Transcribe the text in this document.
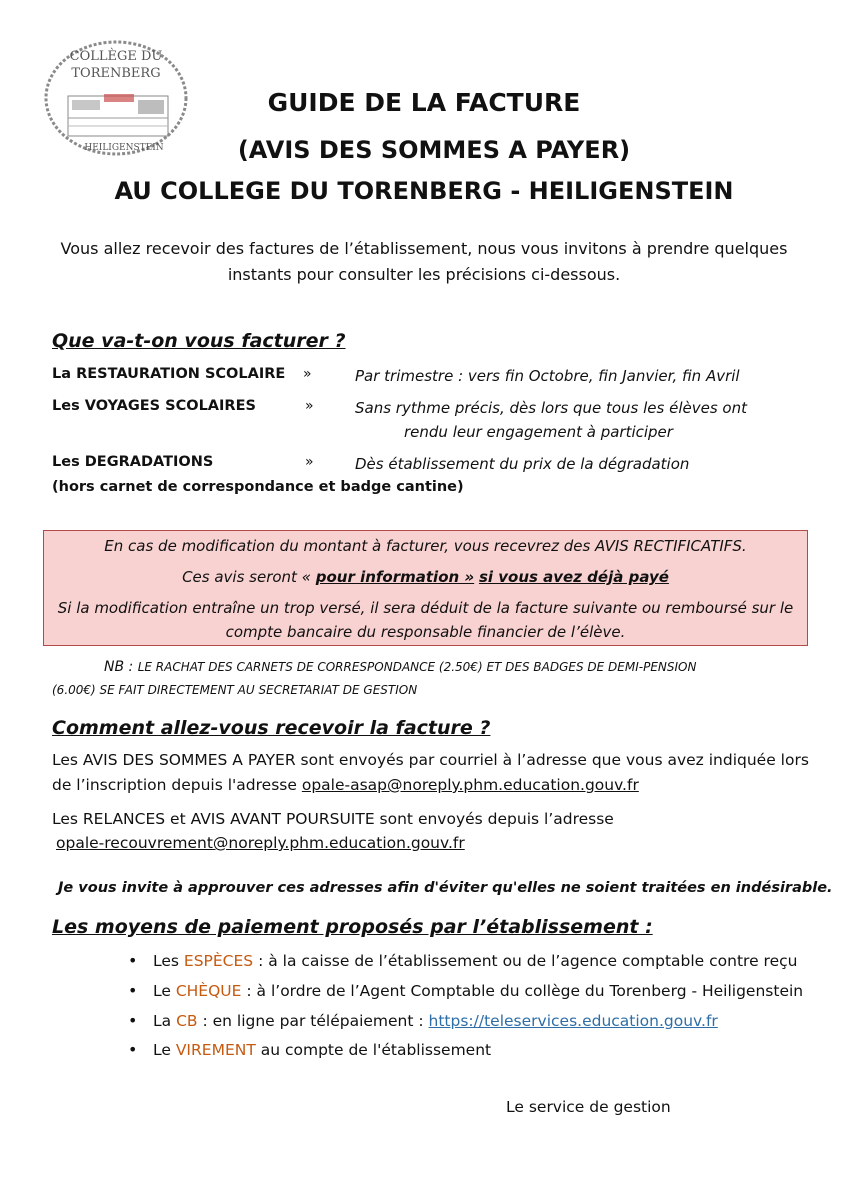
COLLÈGE DU
TORENBERG
HEILIGENSTEIN
GUIDE DE LA FACTURE
(AVIS DES SOMMES A PAYER)
AU COLLEGE DU TORENBERG - HEILIGENSTEIN
Vous allez recevoir des factures de l’établissement, nous vous invitons à prendre quelques
instants pour consulter les précisions ci-dessous.
Que va-t-on vous facturer ?
La RESTAURATION SCOLAIRE »	Par trimestre : vers fin Octobre, fin Janvier, fin Avril
Les VOYAGES SCOLAIRES	»	Sans rythme précis, dès lors que tous les élèves ont
rendu leur engagement à participer
Les DEGRADATIONS	»	Dès établissement du prix de la dégradation
(hors carnet de correspondance et badge cantine)
En cas de modification du montant à facturer, vous recevrez des AVIS RECTIFICATIFS.
Ces avis seront « pour information » si vous avez déjà payé
Si la modification entraîne un trop versé, il sera déduit de la facture suivante ou remboursé sur le
compte bancaire du responsable financier de l’élève.
NB : LE RACHAT DES CARNETS DE CORRESPONDANCE (2.50€) ET DES BADGES DE DEMI-PENSION
(6.00€) SE FAIT DIRECTEMENT AU SECRETARIAT DE GESTION
Comment allez-vous recevoir la facture ?
Les AVIS DES SOMMES A PAYER sont envoyés par courriel à l’adresse que vous avez indiquée lors
de l’inscription depuis l'adresse opale-asap@noreply.phm.education.gouv.fr
Les RELANCES et AVIS AVANT POURSUITE sont envoyés depuis l’adresse
opale-recouvrement@noreply.phm.education.gouv.fr
Je vous invite à approuver ces adresses afin d'éviter qu'elles ne soient traitées en indésirable.
Les moyens de paiement proposés par l’établissement :
• Les ESPÈCES : à la caisse de l’établissement ou de l’agence comptable contre reçu
• Le CHÈQUE : à l’ordre de l’Agent Comptable du collège du Torenberg - Heiligenstein
• La CB : en ligne par télépaiement : https://teleservices.education.gouv.fr
• Le VIREMENT au compte de l'établissement
Le service de gestion
